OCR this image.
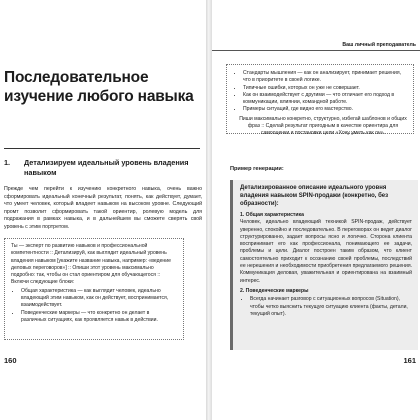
Последовательное изучение любого навыка
1. Детализируем идеальный уровень владения навыком

Прежде чем перейти к изучению конкретного навыка, очень важно сформировать идеальный конечный результат, понять, как действует, думает, что умеет человек, который владеет навыком на высоком уровне. Следующий промт позволит сформировать такой ориентир, ролевую модель для подражания в рамках навыка, и в дальнейшем вы сможете сверять свой уровень с этим портретом.

Ты — эксперт по развитию навыков и профессиональной компетентности :: Детализируй, как выглядит идеальный уровень владения навыком [укажите название навыка, например: «ведение деловых переговоров»] :: Опиши этот уровень максимально подробно: так, чтобы он стал ориентиром для обучающегося :: Включи следующие блоки:

• Общая характеристика — как выглядит человек, идеально владеющий этим навыком, как он действует, воспринимается, взаимодействует.
• Поведенческие маркеры — что конкретно он делает в различных ситуациях, как проявляется навык в действии.
160

Ваш личный преподаватель

• Стандарты мышления — как он анализирует, принимает решения, что в приоритете в своей логике.
• Типичные ошибки, которых он уже не совершает.
• Как он взаимодействует с другими — что отличает его подход в коммуникации, влиянии, командной работе.
• Примеры ситуаций, где видно его мастерство.

Пиши максимально конкретно, структурно, избегай шаблонов и общих фраз :: Сделай результат пригодным в качестве ориентира для самооценки и постановки цели «Хочу уметь как он».

Пример генерации:

Детализированное описание идеального уровня владения навыком SPIN-продажи (конкретно, без образности):

1. Общая характеристика

Человек, идеально владеющий техникой SPIN-продаж, действует уверенно, спокойно и последовательно. В переговорах он ведет диалог структурированно, задает вопросы ясно и логично. Сторона клиента воспринимает его как профессионала, понимающего ее задачи, проблемы и цели. Диалог построен таким образом, что клиент самостоятельно приходит к осознанию своей проблемы, последствий ее нерешения и необходимости приобретения предлагаемого решения. Коммуникация деловая, уважительная и ориентирована на взаимный интерес.

2. Поведенческие маркеры

• Всегда начинает разговор с ситуационных вопросов (Situation), чтобы четко выяснить текущую ситуацию клиента (факты, детали, текущий опыт).
161
